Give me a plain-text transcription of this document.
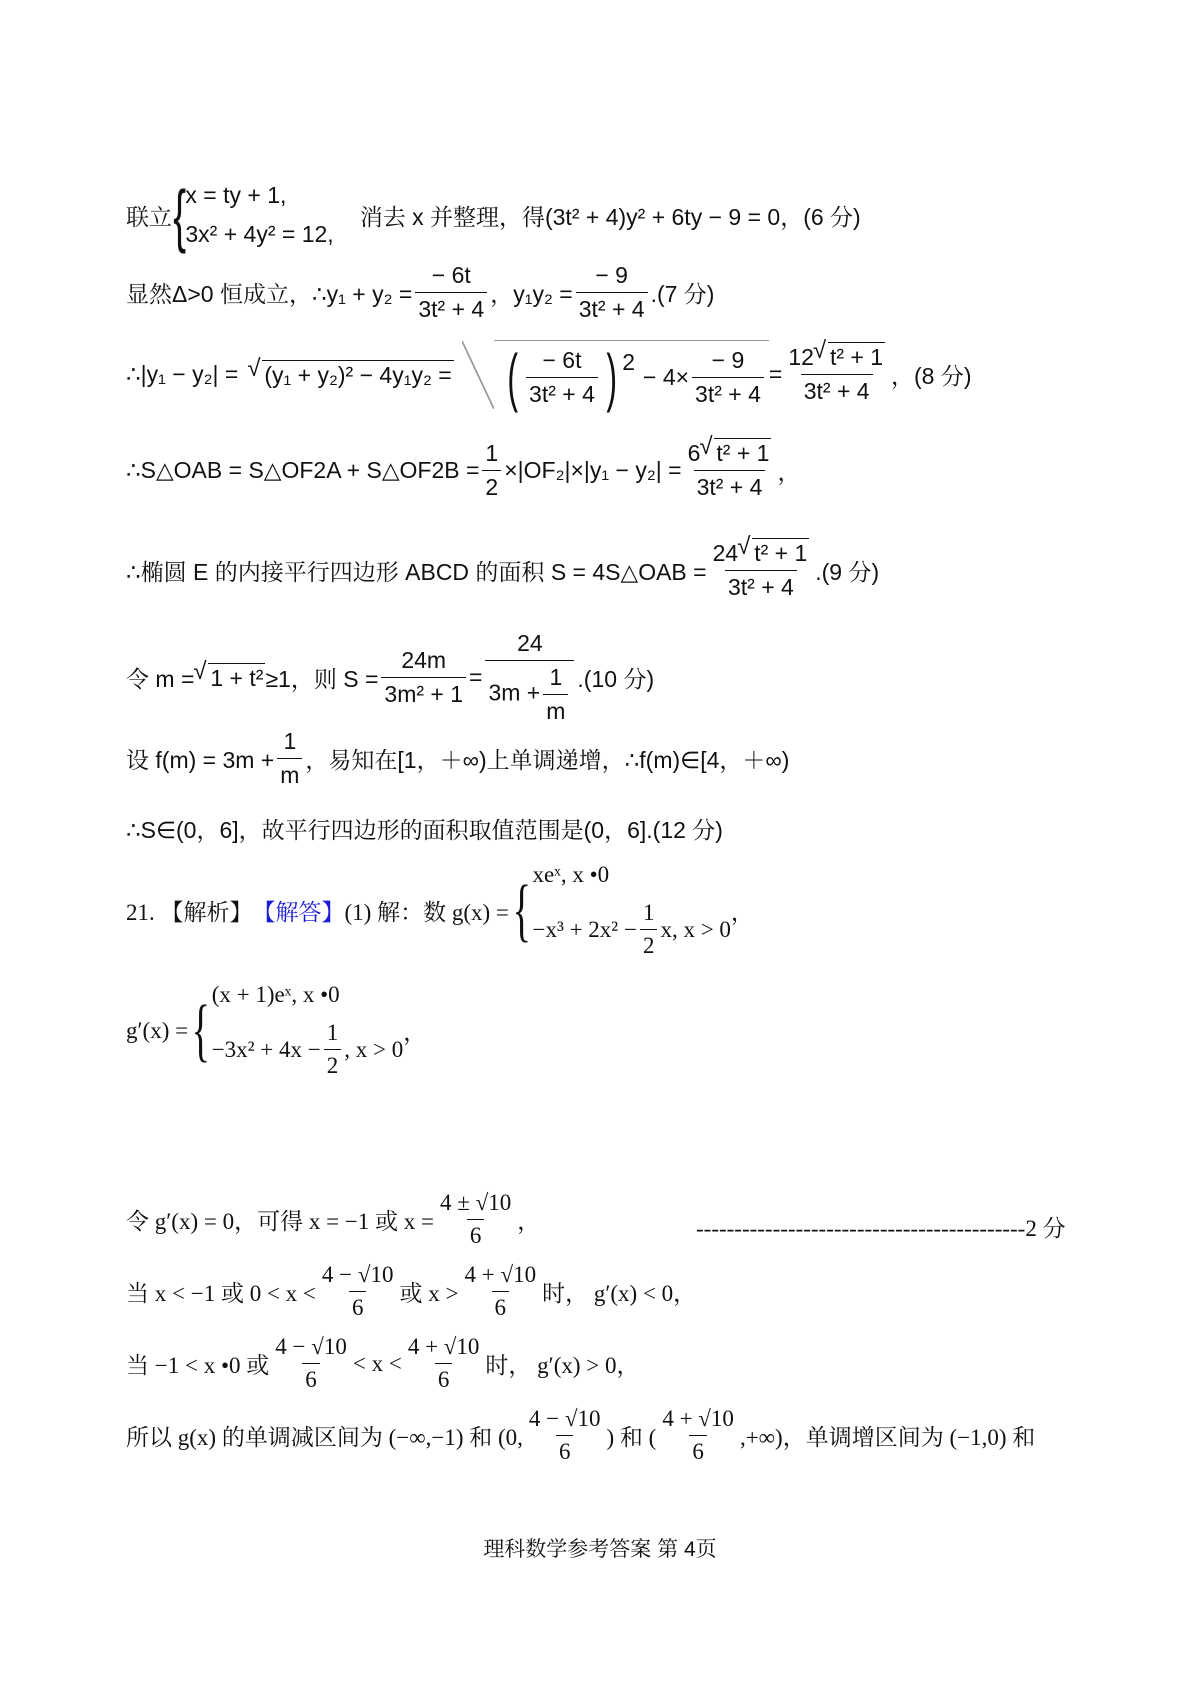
联立 { x = ty + 1,
3x² + 4y² = 12,
消去 x 并整理，得(3t² + 4)y² + 6ty − 9 = 0，(6 分)
显然Δ>0 恒成立，∴y₁ + $y_2 = \frac{- 6t}{\text{3t² + 4}}$ ，$y_1y_2 = \frac{- 9}{\text{3t² + 4}} .(7$ 分)
∴|y₁ − y₂| = √ (y₁ + y₂)² − 4y₁y₂ = ( $\frac{- 6t}{\text{3t² + 4}}$ ) 2
− $4\times \frac{- 9}{\text{3t² + 4}} = \frac{\text{12 √ t² + 1}}{\text{3t² + 4}}$ ，(8 分)
∴S△OAB = S△OF2A + S△OF2B = $\frac{1}{2} \times|OF_2|\times|y_1 - y_2| = \frac{\text{6 √ t² + 1}}{\text{3t² + 4}}$ ，
∴椭圆 E 的内接平行四边形 ABCD 的面积 S = 4S△OAB = $\frac{\text{24 √ t² + 1}}{\text{3t² + 4}} .(9$ 分)
令 m = √ 1 + t² ≥1，则 $S = \frac{24m}{\text{3m² + 1}} = \frac{24}{3m + \frac{1}{m}} .(10$ 分)
设 $f(m) = 3m + \frac{1}{m}$ ，易知在[1，＋∞)上单调递增，∴f(m)∈[4，＋∞)
∴S∈(0，6]，故平行四边形的面积取值范围是(0，6].(12 分)
21. 【解析】 【解答】 (1) 解：数 g(x) = { xeˣ, x •0
$-x^3 + 2x^2 - \frac{1}{2} x$, x > 0
，
g′(x) = { (x + 1)eˣ, x •0
$-3x^2 + 4x - \frac{1}{2}$ , x > 0
，
令 g′(x) = 0，可得 x = −1 或 $x = \frac{4 \pm √10}{6}$ ，	-------------------------------------------2 分
当 x < −1 或 $0 < x < \frac{4 - √10}{6}$ 或 $x > \frac{4 + √10}{6}$ 时， g′(x) < 0，
当 −1 < x •0 或 $\frac{4 - √10}{6} < x < \frac{4 + √10}{6}$ 时， g′(x) > 0，
所以 g(x) 的单调减区间为 (−∞,−1) 和 (0, $\frac{4 - √10}{6}$ ) 和 ( $\frac{4 + √10}{6}$ ,+∞)，单调增区间为 (−1,0) 和
理科数学参考答案 第 4页
